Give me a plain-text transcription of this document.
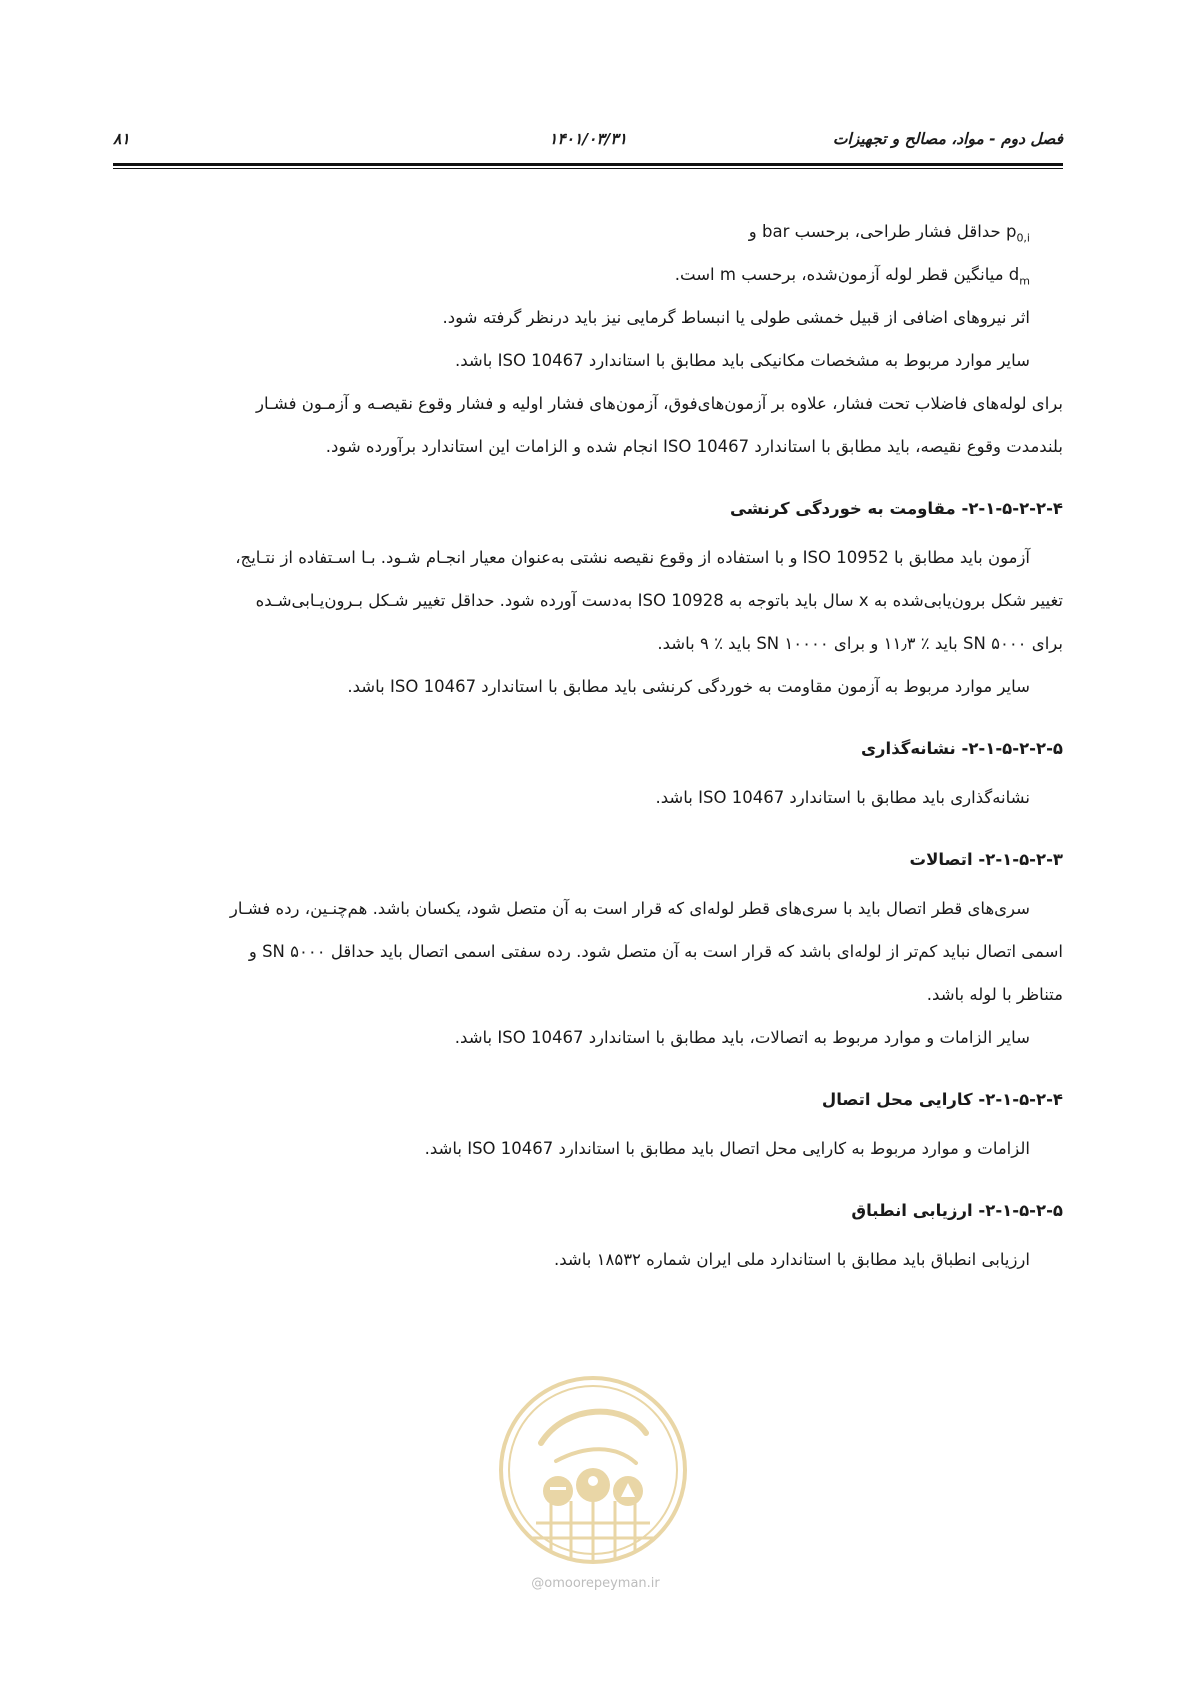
فصل دوم - مواد، مصالح و تجهیزات
۱۴۰۱/۰۳/۳۱
۸۱
$p_{0,i}$ حداقل فشار طراحی، برحسب bar و
$d_m$ میانگین قطر لوله آزمون‌شده، برحسب m است.
اثر نیروهای اضافی از قبیل خمشی طولی یا انبساط گرمایی نیز باید درنظر گرفته شود.
سایر موارد مربوط به مشخصات مکانیکی باید مطابق با استاندارد ISO 10467 باشد.
برای لوله‌های فاضلاب تحت فشار، علاوه بر آزمون‌های‌فوق، آزمون‌های فشار اولیه و فشار وقوع نقیصـه و آزمـون فشـار
بلندمدت وقوع نقیصه، باید مطابق با استاندارد ISO 10467 انجام شده و الزامات این استاندارد برآورده شود.
۲-۱-۵-۲-۲-۴- مقاومت به خوردگی کرنشی
آزمون باید مطابق با ISO 10952 و با استفاده از وقوع نقیصه نشتی به‌عنوان معیار انجـام شـود. بـا اسـتفاده از نتـایج،
تغییر شکل برون‌یابی‌شده به x سال باید باتوجه به ISO 10928 به‌دست آورده شود. حداقل تغییر شـکل بـرون‌یـابی‌شـده
برای SN ۵۰۰۰ باید ٪ ۱۱٫۳ و برای SN ۱۰۰۰۰ باید ٪ ۹ باشد.
سایر موارد مربوط به آزمون مقاومت به خوردگی کرنشی باید مطابق با استاندارد ISO 10467 باشد.
۲-۱-۵-۲-۲-۵- نشانه‌گذاری
نشانه‌گذاری باید مطابق با استاندارد ISO 10467 باشد.
۲-۱-۵-۲-۳- اتصالات
سری‌های قطر اتصال باید با سری‌های قطر لوله‌ای که قرار است به آن متصل شود، یکسان باشد. هم‌چنـین، رده فشـار
اسمی اتصال نباید کم‌تر از لوله‌ای باشد که قرار است به آن متصل شود. رده سفتی اسمی اتصال باید حداقل SN ۵۰۰۰ و
متناظر با لوله باشد.
سایر الزامات و موارد مربوط به اتصالات، باید مطابق با استاندارد ISO 10467 باشد.
۲-۱-۵-۲-۴- کارایی محل اتصال
الزامات و موارد مربوط به کارایی محل اتصال باید مطابق با استاندارد ISO 10467 باشد.
۲-۱-۵-۲-۵- ارزیابی انطباق
ارزیابی انطباق باید مطابق با استاندارد ملی ایران شماره ۱۸۵۳۲ باشد.
@omoorepeyman.ir
